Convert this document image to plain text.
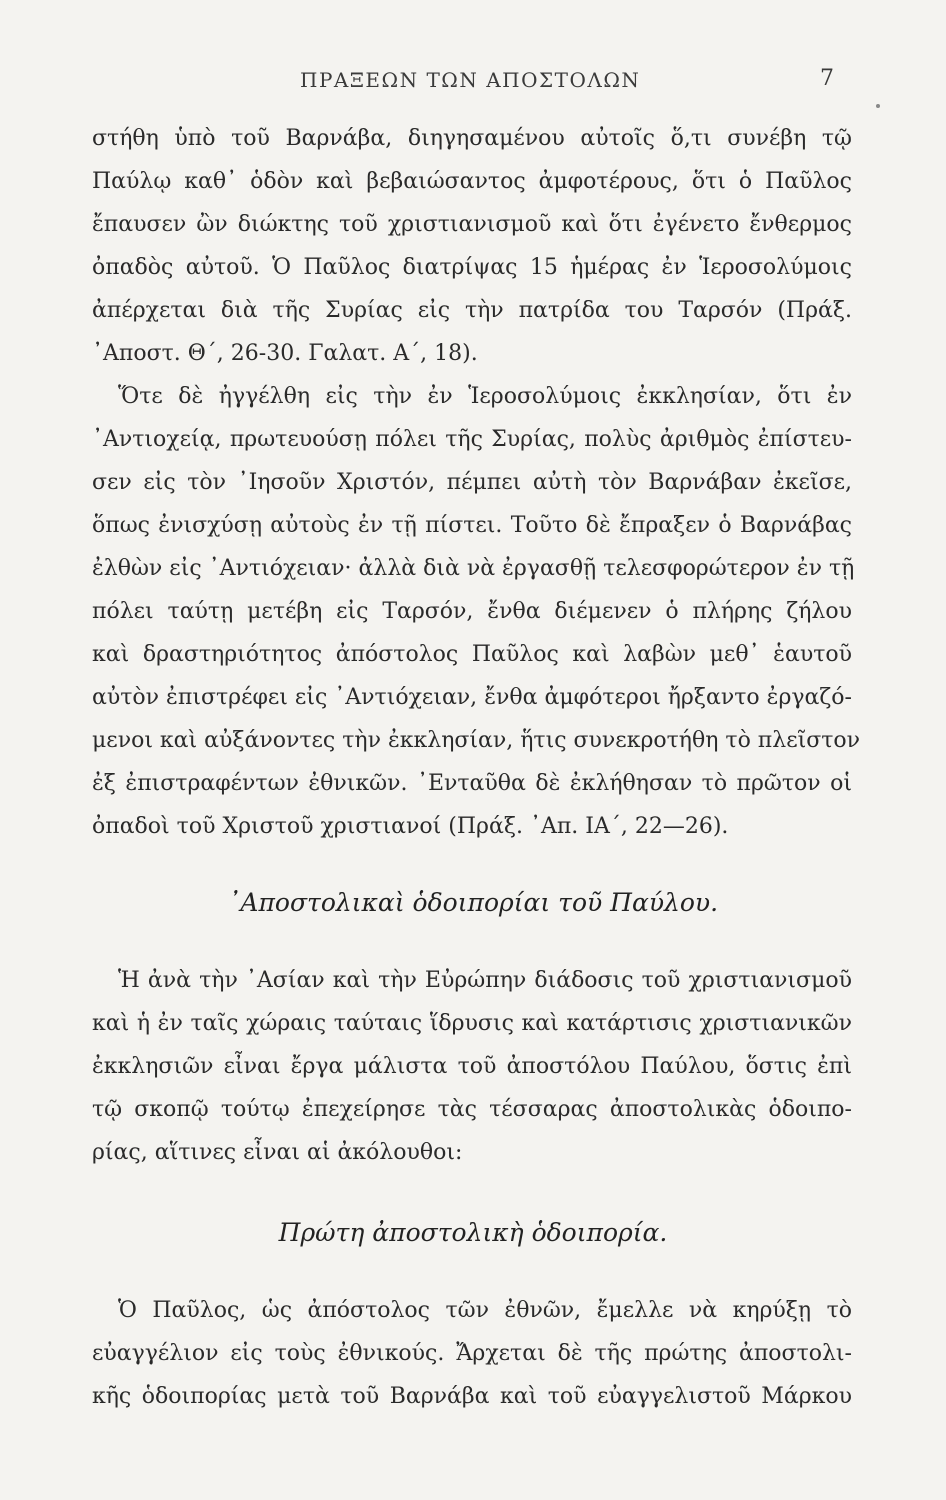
ΠΡΑΞΕΩΝ ΤΩΝ ΑΠΟΣΤΟΛΩΝ	7
στήθη ὑπὸ τοῦ Βαρνάβα, διηγησαμένου αὐτοῖς ὅ,τι συνέβη τῷ
Παύλῳ καθ᾽ ὁδὸν καὶ βεβαιώσαντος ἀμφοτέρους, ὅτι ὁ Παῦλος
ἔπαυσεν ὢν διώκτης τοῦ χριστιανισμοῦ καὶ ὅτι ἐγένετο ἔνθερμος
ὀπαδὸς αὐτοῦ. Ὁ Παῦλος διατρίψας 15 ἡμέρας ἐν Ἱεροσολύμοις
ἀπέρχεται διὰ τῆς Συρίας εἰς τὴν πατρίδα του Ταρσόν (Πράξ.
᾽Αποστ. Θ΄, 26-30. Γαλατ. Α΄, 18).
Ὅτε δὲ ἠγγέλθη εἰς τὴν ἐν Ἱεροσολύμοις ἐκκλησίαν, ὅτι ἐν
᾽Αντιοχείᾳ, πρωτευούσῃ πόλει τῆς Συρίας, πολὺς ἀριθμὸς ἐπίστευ-
σεν εἰς τὸν ᾽Ιησοῦν Χριστόν, πέμπει αὐτὴ τὸν Βαρνάβαν ἐκεῖσε,
ὅπως ἐνισχύσῃ αὐτοὺς ἐν τῇ πίστει. Τοῦτο δὲ ἔπραξεν ὁ Βαρνάβας
ἐλθὼν εἰς ᾽Αντιόχειαν· ἀλλὰ διὰ νὰ ἐργασθῇ τελεσφορώτερον ἐν τῇ
πόλει ταύτῃ μετέβη εἰς Ταρσόν, ἔνθα διέμενεν ὁ πλήρης ζήλου
καὶ δραστηριότητος ἀπόστολος Παῦλος καὶ λαβὼν μεθ᾽ ἑαυτοῦ
αὐτὸν ἐπιστρέφει εἰς ᾽Αντιόχειαν, ἔνθα ἀμφότεροι ἤρξαντο ἐργαζό-
μενοι καὶ αὐξάνοντες τὴν ἐκκλησίαν, ἥτις συνεκροτήθη τὸ πλεῖστον
ἐξ ἐπιστραφέντων ἐθνικῶν. ᾽Ενταῦθα δὲ ἐκλήθησαν τὸ πρῶτον οἱ
ὀπαδοὶ τοῦ Χριστοῦ χριστιανοί (Πράξ. ᾽Απ. ΙΑ΄, 22—26).
᾽Αποστολικαὶ ὁδοιπορίαι τοῦ Παύλου.
Ἡ ἀνὰ τὴν ᾽Ασίαν καὶ τὴν Εὐρώπην διάδοσις τοῦ χριστιανισμοῦ
καὶ ἡ ἐν ταῖς χώραις ταύταις ἵδρυσις καὶ κατάρτισις χριστιανικῶν
ἐκκλησιῶν εἶναι ἔργα μάλιστα τοῦ ἀποστόλου Παύλου, ὅστις ἐπὶ
τῷ σκοπῷ τούτῳ ἐπεχείρησε τὰς τέσσαρας ἀποστολικὰς ὁδοιπο-
ρίας, αἵτινες εἶναι αἱ ἀκόλουθοι:
Πρώτη ἀποστολικὴ ὁδοιπορία.
Ὁ Παῦλος, ὡς ἀπόστολος τῶν ἐθνῶν, ἔμελλε νὰ κηρύξῃ τὸ
εὐαγγέλιον εἰς τοὺς ἐθνικούς. Ἄρχεται δὲ τῆς πρώτης ἀποστολι-
κῆς ὁδοιπορίας μετὰ τοῦ Βαρνάβα καὶ τοῦ εὐαγγελιστοῦ Μάρκου
